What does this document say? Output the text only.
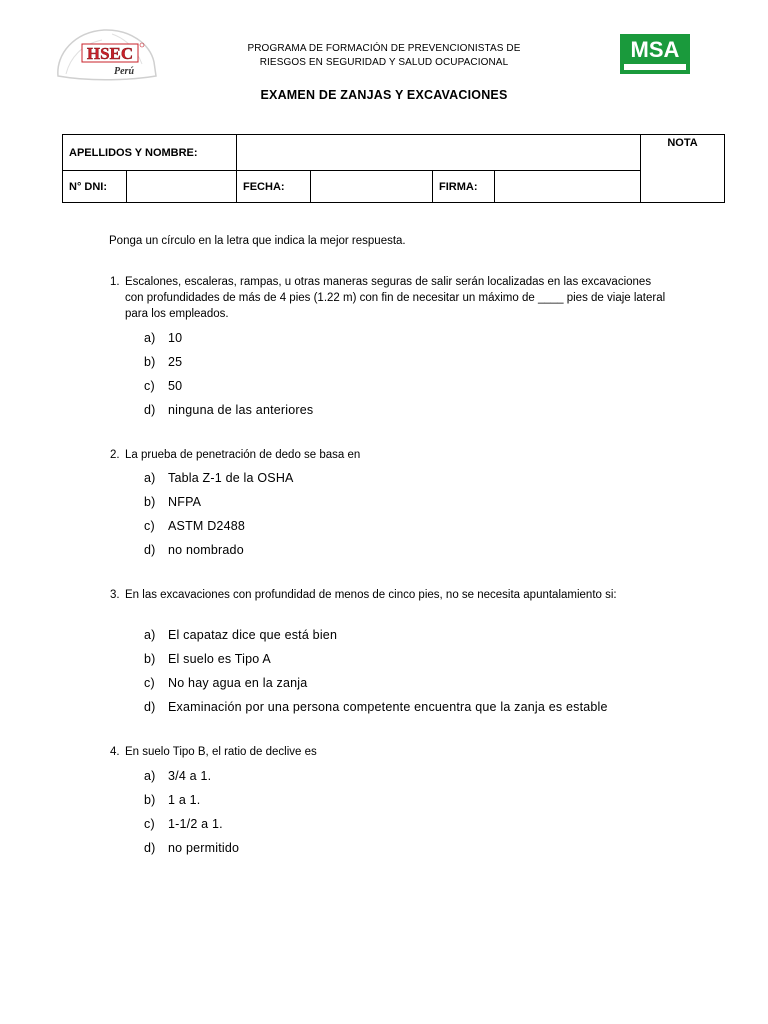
HSEC
Perú
MSA
PROGRAMA DE FORMACIÓN DE PREVENCIONISTAS DE
RIESGOS EN SEGURIDAD Y SALUD OCUPACIONAL
EXAMEN DE ZANJAS Y EXCAVACIONES
APELLIDOS Y NOMBRE:						NOTA
N° DNI:		FECHA:		FIRMA:		
Ponga un círculo en la letra que indica la mejor respuesta.
1. Escalones, escaleras, rampas, u otras maneras seguras de salir serán localizadas en las excavaciones con profundidades de más de 4 pies (1.22 m) con fin de necesitar un máximo de ____ pies de viaje lateral para los empleados.
a) 10
b) 25
c) 50
d) ninguna de las anteriores
2. La prueba de penetración de dedo se basa en
a) Tabla Z-1 de la OSHA
b) NFPA
c) ASTM D2488
d) no nombrado
3. En las excavaciones con profundidad de menos de cinco pies, no se necesita apuntalamiento si:
a) El capataz dice que está bien
b) El suelo es Tipo A
c) No hay agua en la zanja
d) Examinación por una persona competente encuentra que la zanja es estable
4. En suelo Tipo B, el ratio de declive es
a) 3/4 a 1.
b) 1 a 1.
c) 1-1/2 a 1.
d) no permitido
